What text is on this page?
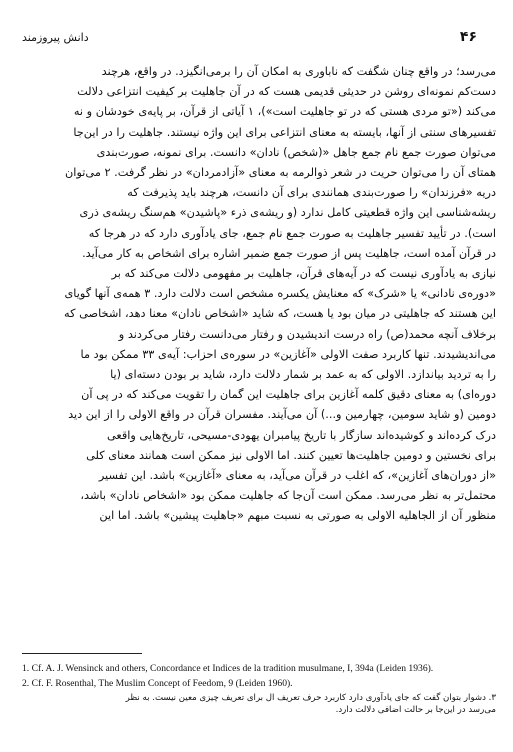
دانش پیروزمند	۴۶

می‌رسد؛ در واقع چنان شگفت که ناباوری به امکان آن را برمی‌انگیزد. در واقع، هرچند

دست‌کم نمونه‌ای روشن در حدیثی قدیمی هست که در آن جاهلیت بر کیفیت انتزاعی دلالت

می‌کند («تو مردی هستی که در تو جاهلیت است»)، ۱ آیاتی از قرآن، بر پایه‌ی خودشان و نه

تفسیرهای سنتی از آنها، بایسته به معنای انتزاعی برای این واژه نیستند. جاهلیت را در این‌جا

می‌توان صورت جمع نام جمع جاهل «(شخص) نادان» دانست. برای نمونه، صورت‌بندی

همتای آن را می‌توان حریت در شعر ذوالرمه به معنای «آزادمردان» در نظر گرفت. ۲ می‌توان

دریه «فرزندان» را صورت‌بندی همانندی برای آن دانست، هرچند باید پذیرفت که

ریشه‌شناسی این واژه قطعیتی کامل ندارد (و ریشه‌ی ذرء «پاشیدن» هم‌سنگ ریشه‌ی ذری

است). در تأیید تفسیر جاهلیت به صورت جمع نام جمع، جای یادآوری دارد که در هرجا که

در قرآن آمده است، جاهلیت پس از صورت جمع ضمیر اشاره برای اشخاص به کار می‌آید.

نیازی به یادآوری نیست که در آیه‌های قرآن، جاهلیت بر مفهومی دلالت می‌کند که بر

«دوره‌ی نادانی» یا «شرک» که معنایش یکسره مشخص است دلالت دارد. ۳ همه‌ی آنها گویای

این هستند که جاهلیتی در میان بود یا هست، که شاید «اشخاص نادان» معنا دهد، اشخاصی که

برخلاف آنچه محمد(ص) راه درست اندیشیدن و رفتار می‌دانست رفتار می‌کردند و

می‌اندیشیدند. تنها کاربرد صفت الاولی «آغازین» در سوره‌ی احزاب: آیه‌ی ۳۳ ممکن بود ما

را به تردید بیاندازد. الاولی که به عمد بر شمار دلالت دارد، شاید بر بودن دسته‌ای (یا

دوره‌ای) به معنای دقیق کلمه آغازین برای جاهلیت این گمان را تقویت می‌کند که در پی آن

دومین (و شاید سومین، چهارمین و...) آن می‌آیند. مفسران قرآن در واقع الاولی را از این دید

درک کرده‌اند و کوشیده‌اند سازگار با تاریخ پیامبران یهودی-مسیحی، تاریخ‌هایی واقعی

برای نخستین و دومین جاهلیت‌ها تعیین کنند. اما الاولی نیز ممکن است همانند معنای کلی

«از دوران‌های آغازین»، که اغلب در قرآن می‌آید، به معنای «آغازین» باشد. این تفسیر

محتمل‌تر به نظر می‌رسد. ممکن است آن‌جا که جاهلیت ممکن بود «اشخاص نادان» باشد،

منظور آن از الجاهلیه الاولی به صورتی به نسبت مبهم «جاهلیت پیشین» باشد. اما این

1. Cf. A. J. Wensinck and others, Concordance et Indices de la tradition musulmane, I, 394a (Leiden 1936).

2. Cf. F. Rosenthal, The Muslim Concept of Feedom, 9 (Leiden 1960).

۳. دشوار بتوان گفت که جای یادآوری دارد کاربرد حرف تعریف ال برای تعریف چیزی معین نیست. به نظر

می‌رسد در این‌جا بر حالت اضافی دلالت دارد.
